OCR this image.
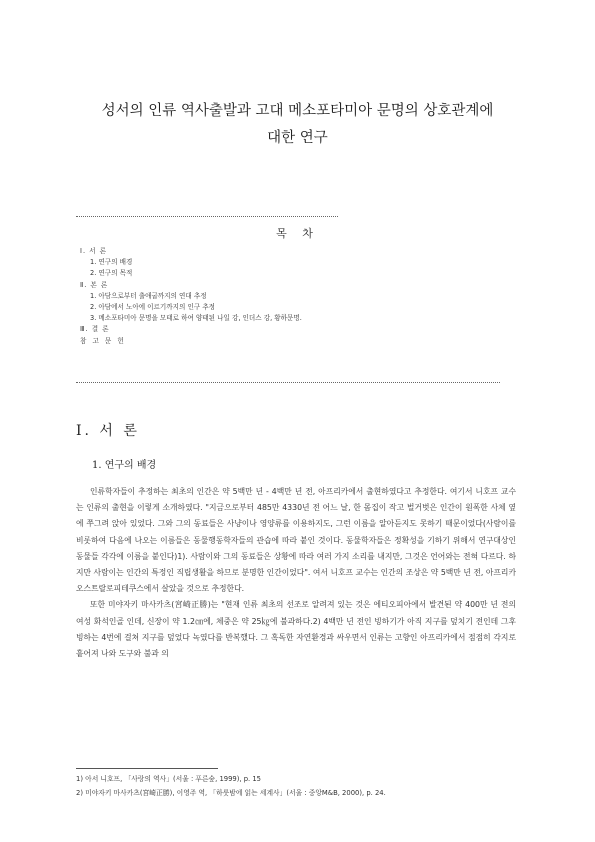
성서의 인류 역사출발과 고대 메소포타미아 문명의 상호관계에
대한 연구
목 차
Ⅰ. 서 론
1. 연구의 배경
2. 연구의 목적
Ⅱ. 본 론
1. 아담으로부터 출애굽까지의 연대 추정
2. 아담에서 노아에 이르기까지의 인구 추정
3. 메소포타미아 문명을 모태로 하여 양태된 나일 강, 인더스 강, 황하문명.
Ⅲ. 결 론
참 고 문 헌
Ⅰ. 서 론
1. 연구의 배경

인류학자들이 추정하는 최초의 인간은 약 5백만 년 - 4백만 년 전, 아프리카에서 출현하였다고 추정한다. 여기서 니호프 교수는 인류의 출현을 이렇게 소개하였다. "지금으로부터 485만 4330년 전 어느 날, 한 몸집이 작고 벌거벗은 인간이 원폭한 사체 옆에 쭈그려 앉아 있었다. 그와 그의 동료들은 사냥이나 영양류를 이용하지도, 그런 이름을 알아듣지도 못하기 때문이었다(사람이를 비롯하여 다음에 나오는 이름들은 동물행동학자들의 관습에 따라 붙인 것이다. 동물학자들은 정확성을 기하기 위해서 연구대상인 동물들 각각에 이름을 붙인다)1). 사람이와 그의 동료들은 상황에 따라 여러 가지 소리를 내지만, 그것은 언어와는 전혀 다르다. 하지만 사람이는 인간의 특정인 직립생활을 하므로 분명한 인간이었다". 여서 니호프 교수는 인간의 조상은 약 5백만 년 전, 아프리카 오스트랄로피테쿠스에서 살았을 것으로 추정한다.

또한 미야자키 마사카츠(宮崎正勝)는 "현재 인류 최초의 선조로 알려져 있는 것은 에티오피아에서 발견된 약 400만 년 전의 여성 화석인골 인데, 신장이 약 1.2㎝에, 체중은 약 25㎏에 불과하다.2) 4백만 년 전인 빙하기가 아직 지구를 덮치기 전인데 그후 빙하는 4번에 걸쳐 지구를 덮었다 녹였다를 반복했다. 그 혹독한 자연환경과 싸우면서 인류는 고향인 아프리카에서 점점히 각지로 흩어져 나와 도구와 불과 의

1) 아서 니호프, 「사랑의 역사」(서울 : 푸른숲, 1999), p. 15

2) 미야자키 마사카츠(宮崎正勝), 이영주 역, 「하룻밤에 읽는 세계사」(서울 : 중앙M&B, 2000), p. 24.
